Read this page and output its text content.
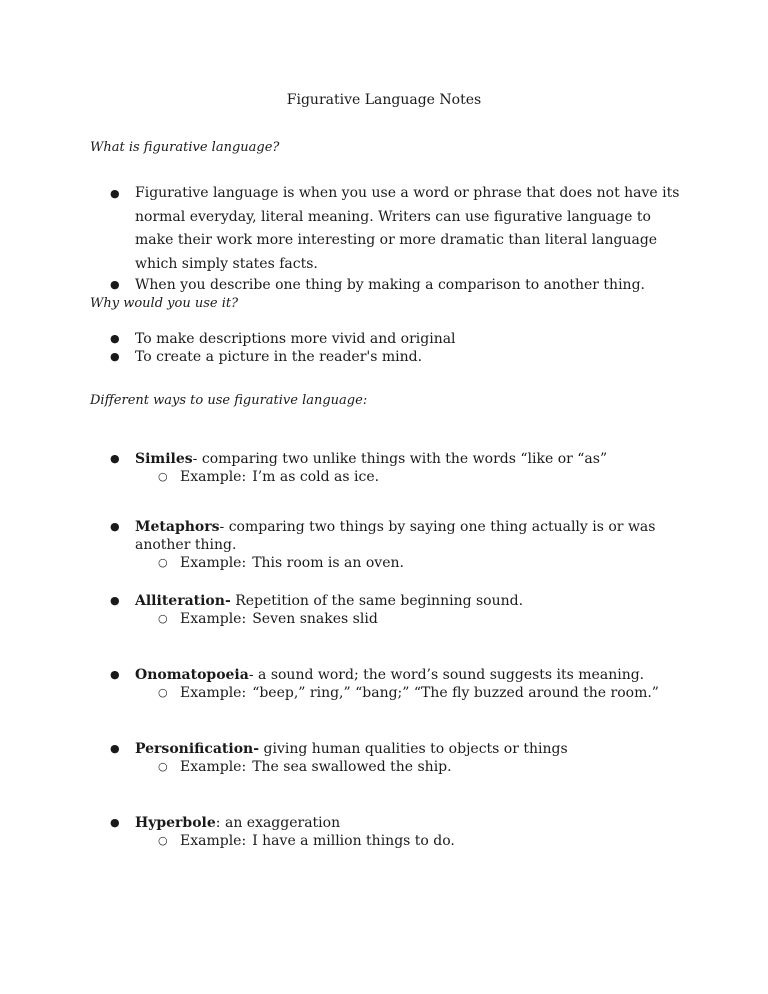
Figurative Language Notes
What is figurative language?
● Figurative language is when you use a word or phrase that does not have its normal everyday, literal meaning. Writers can use figurative language to make their work more interesting or more dramatic than literal language which simply states facts.
● When you describe one thing by making a comparison to another thing.
Why would you use it?
● To make descriptions more vivid and original
● To create a picture in the reader's mind.
Different ways to use figurative language:
● Similes- comparing two unlike things with the words “like or “as”
○ Example: I’m as cold as ice.
● Metaphors- comparing two things by saying one thing actually is or was another thing.
○ Example: This room is an oven.
● Alliteration- Repetition of the same beginning sound.
○ Example: Seven snakes slid
● Onomatopoeia- a sound word; the word’s sound suggests its meaning.
○ Example: “beep,” ring,” “bang;” “The fly buzzed around the room.”
● Personification- giving human qualities to objects or things
○ Example: The sea swallowed the ship.
● Hyperbole: an exaggeration
○ Example: I have a million things to do.
